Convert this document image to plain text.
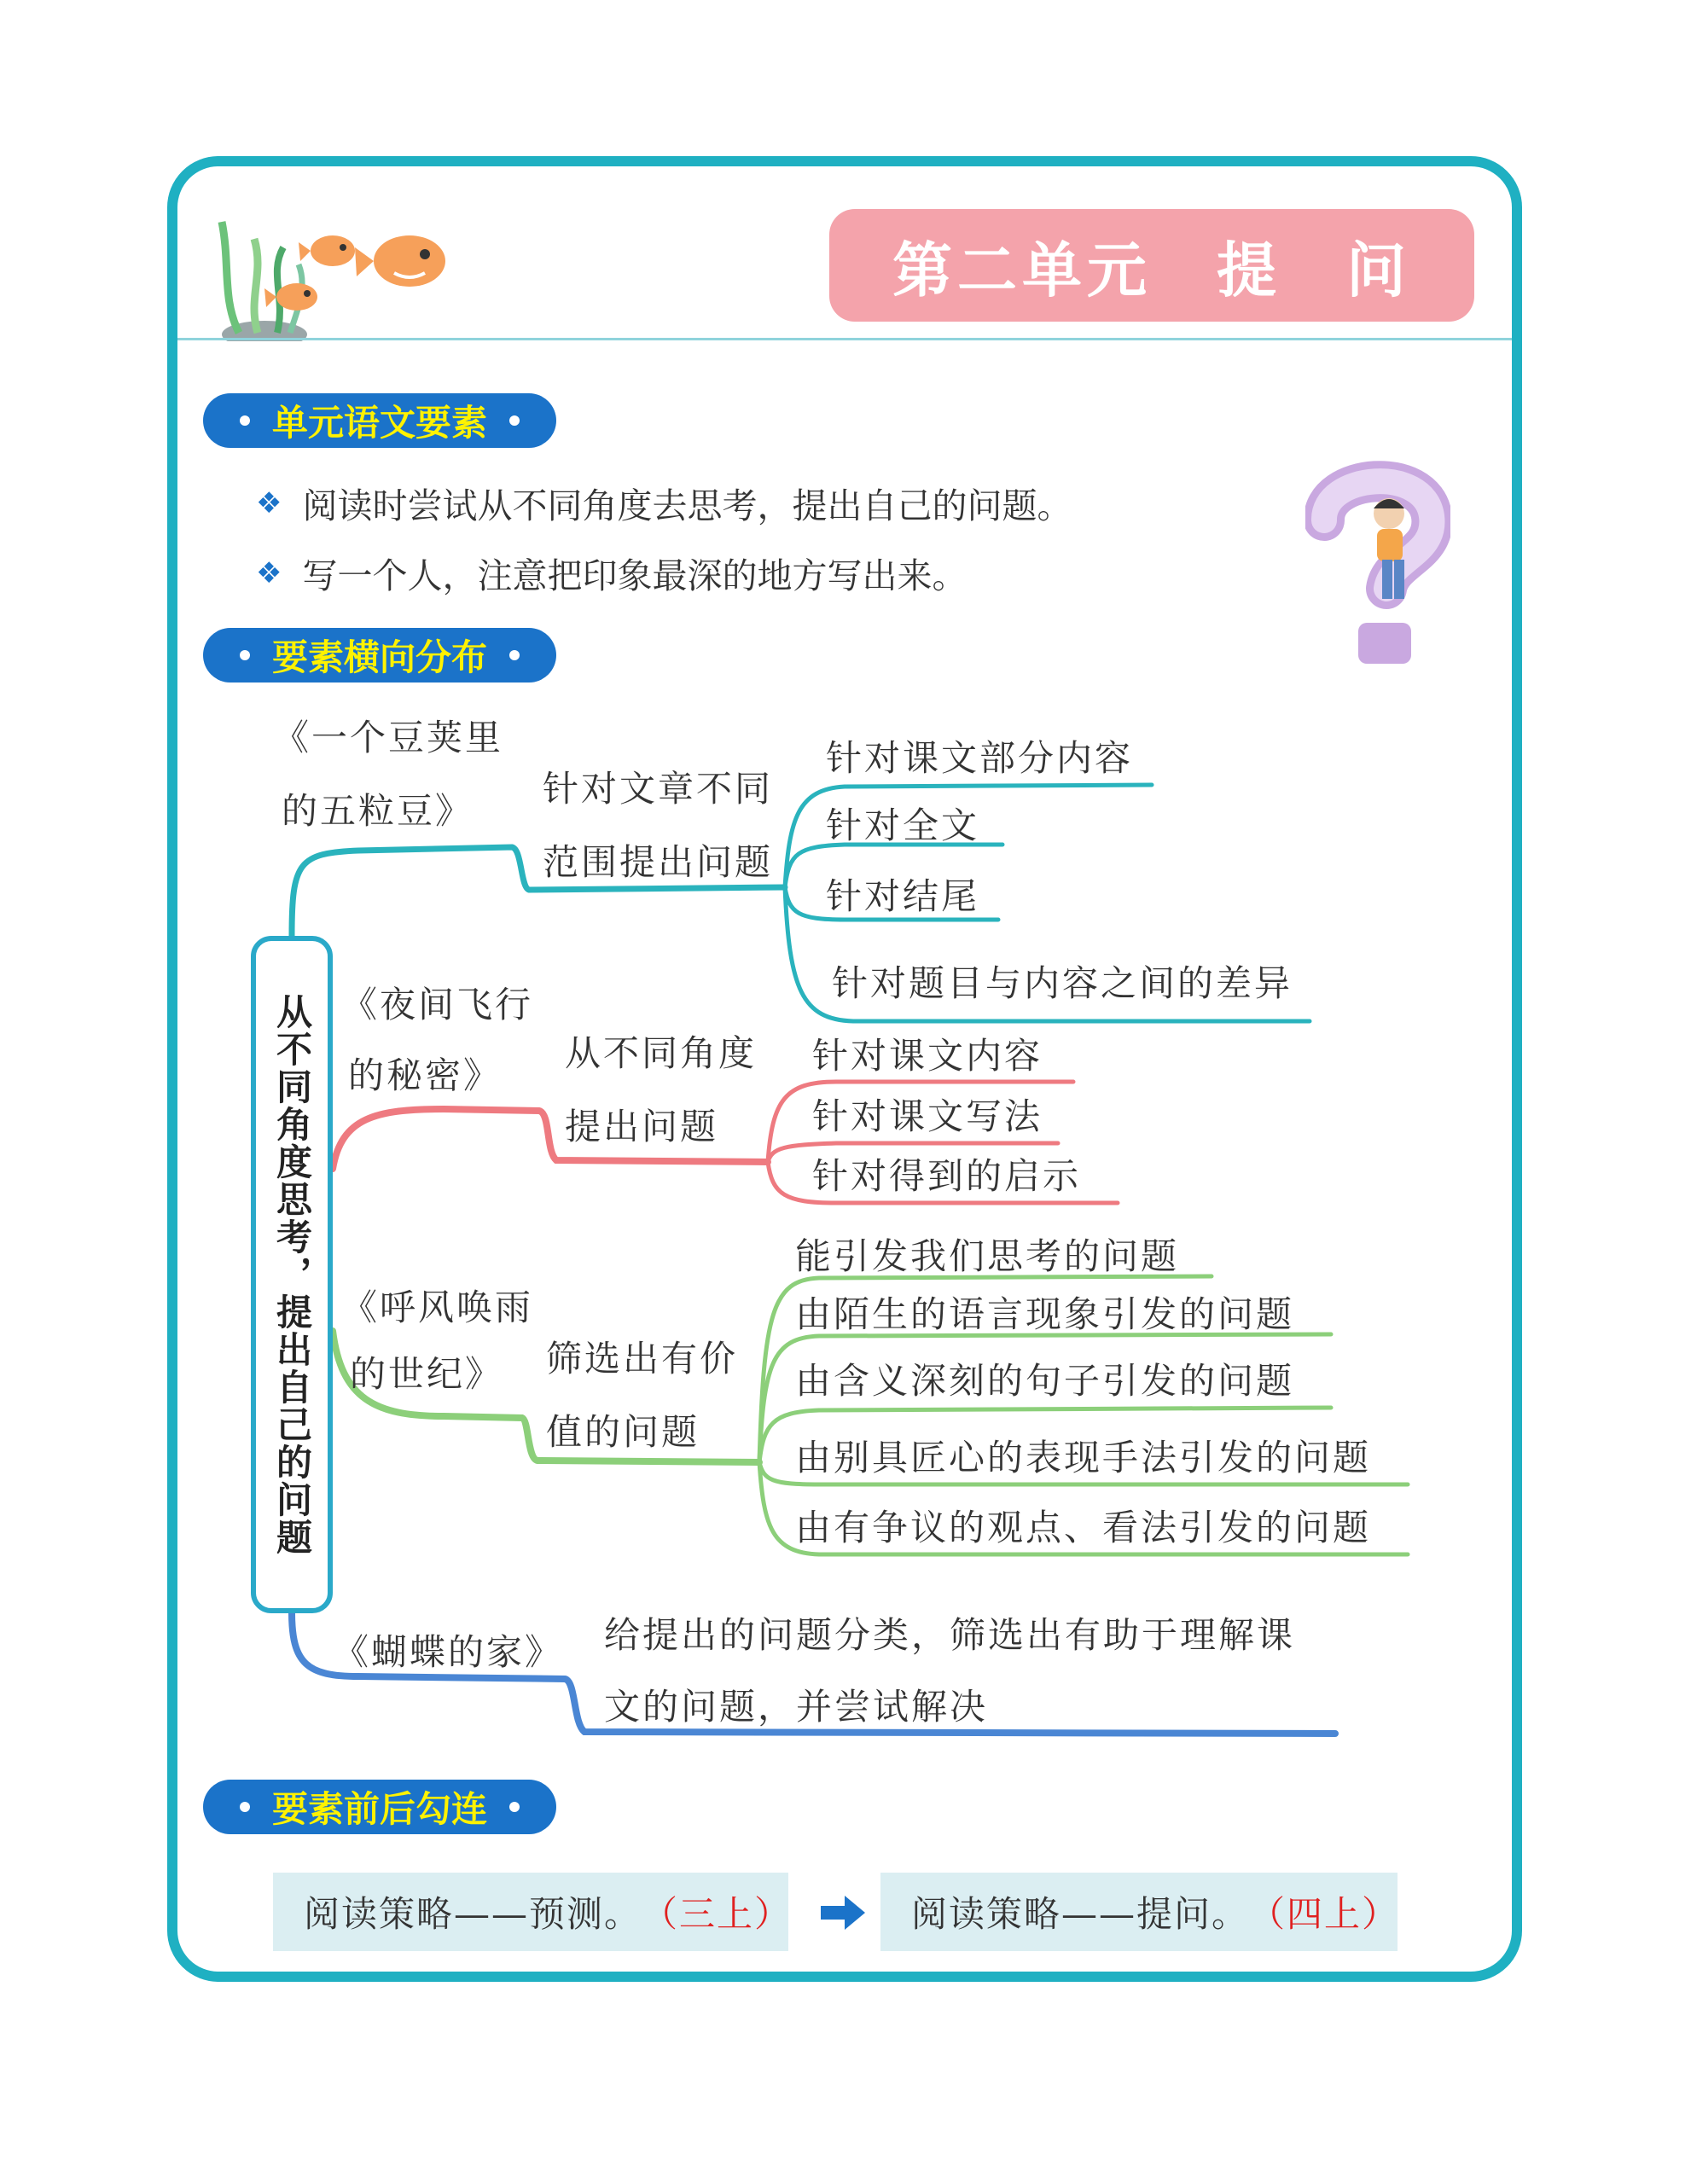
第二单元　提　问
单元语文要素
❖ 阅读时尝试从不同角度去思考，提出自己的问题。
❖ 写一个人，注意把印象最深的地方写出来。
要素横向分布
从不同角度思考，提出自己的问题
《一个豆荚里
的五粒豆》
针对文章不同
范围提出问题
针对课文部分内容
针对全文
针对结尾
针对题目与内容之间的差异
《夜间飞行
的秘密》
从不同角度
提出问题
针对课文内容
针对课文写法
针对得到的启示
《呼风唤雨
的世纪》 筛选出有价
值的问题
能引发我们思考的问题
由陌生的语言现象引发的问题
由含义深刻的句子引发的问题
由别具匠心的表现手法引发的问题
由有争议的观点、看法引发的问题
《蝴蝶的家》 给提出的问题分类，筛选出有助于理解课
文的问题，并尝试解决
要素前后勾连
阅读策略——预测。 （三上）	阅读策略——提问。 （四上）
